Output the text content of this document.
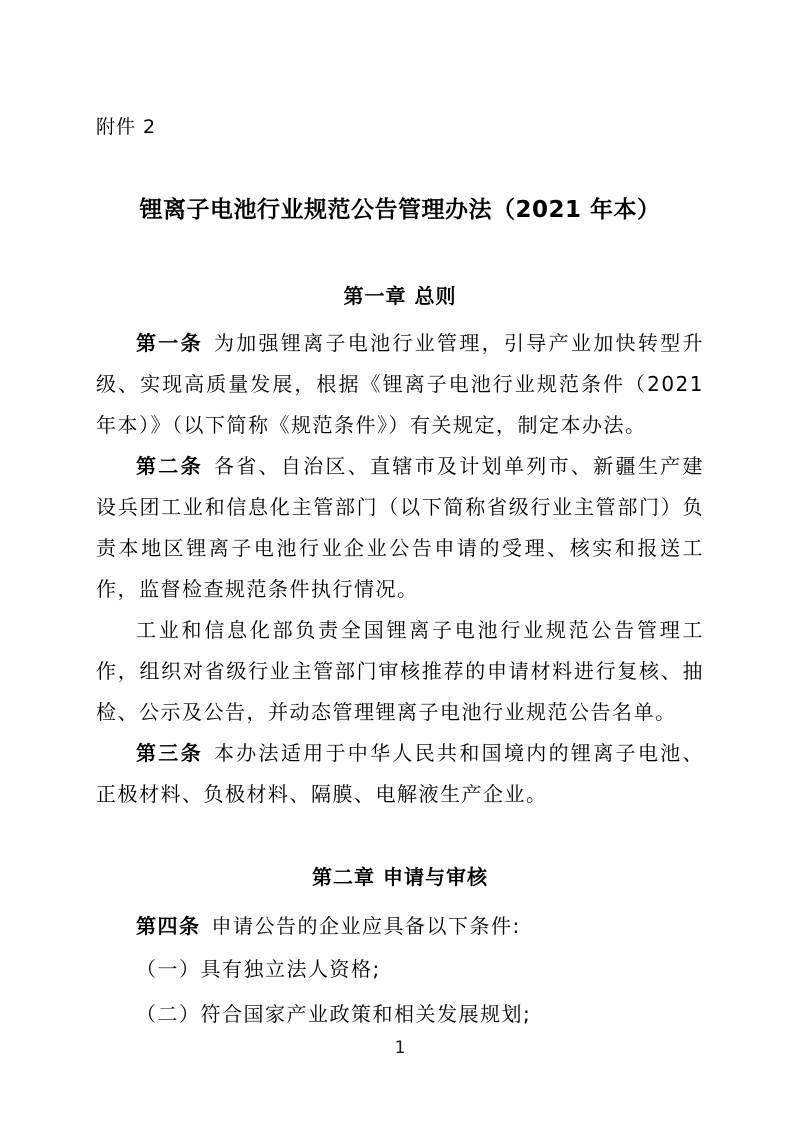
附件 2
锂离子电池行业规范公告管理办法（2021 年本）
第一章 总则

第一条 为加强锂离子电池行业管理，引导产业加快转型升级、实现高质量发展，根据《锂离子电池行业规范条件（2021 年本）》（以下简称《规范条件》）有关规定，制定本办法。

第二条 各省、自治区、直辖市及计划单列市、新疆生产建设兵团工业和信息化主管部门（以下简称省级行业主管部门）负责本地区锂离子电池行业企业公告申请的受理、核实和报送工作，监督检查规范条件执行情况。

工业和信息化部负责全国锂离子电池行业规范公告管理工作，组织对省级行业主管部门审核推荐的申请材料进行复核、抽检、公示及公告，并动态管理锂离子电池行业规范公告名单。

第三条 本办法适用于中华人民共和国境内的锂离子电池、正极材料、负极材料、隔膜、电解液生产企业。

第二章 申请与审核

第四条 申请公告的企业应具备以下条件:

（一）具有独立法人资格;

（二）符合国家产业政策和相关发展规划;

1
